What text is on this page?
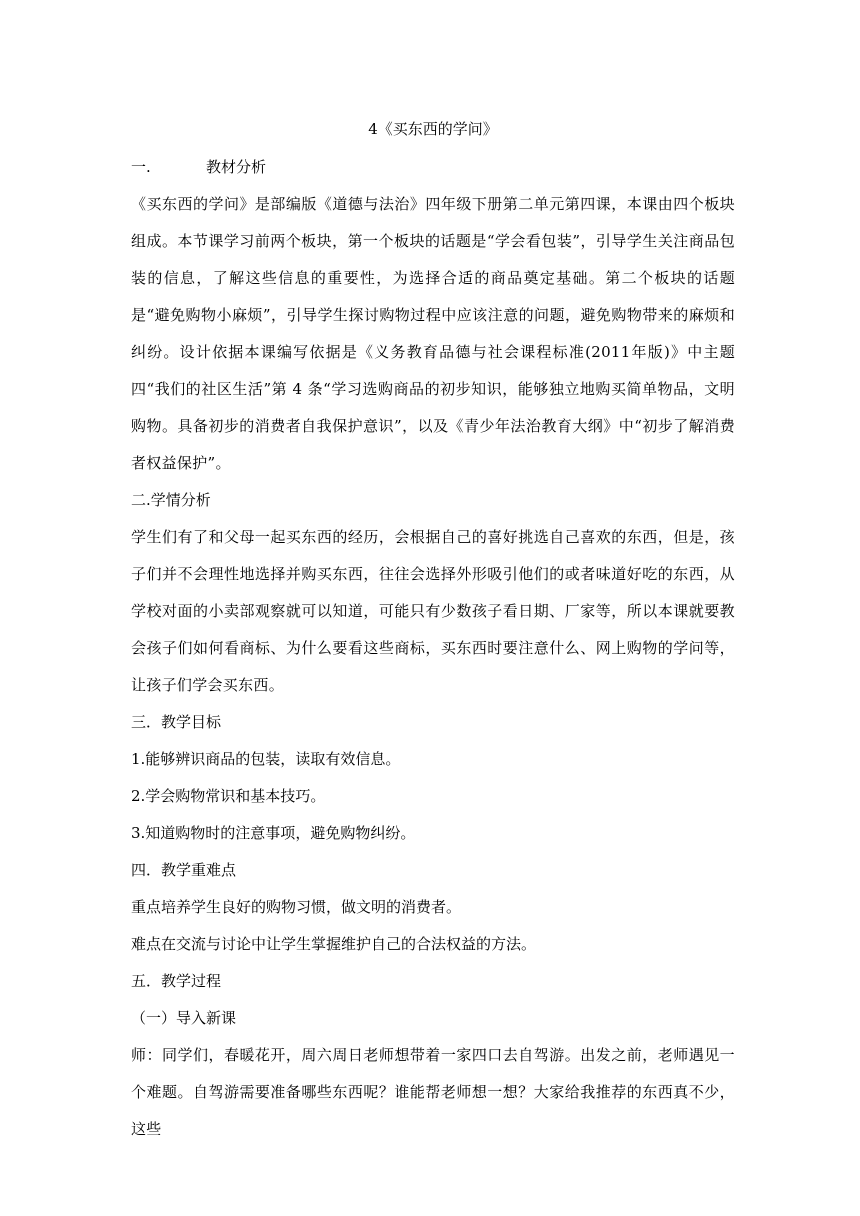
4《买东西的学问》
一.	教材分析
《买东西的学问》是部编版《道德与法治》四年级下册第二单元第四课，本课由四个板块组成。本节课学习前两个板块，第一个板块的话题是“学会看包装”，引导学生关注商品包装的信息，了解这些信息的重要性，为选择合适的商品奠定基础。第二个板块的话题是“避免购物小麻烦”，引导学生探讨购物过程中应该注意的问题，避免购物带来的麻烦和纠纷。设计依据本课编写依据是《义务教育品德与社会课程标准(2011年版)》中主题四“我们的社区生活”第 4 条“学习选购商品的初步知识，能够独立地购买简单物品，文明购物。具备初步的消费者自我保护意识”，以及《青少年法治教育大纲》中“初步了解消费者权益保护”。
二.学情分析
学生们有了和父母一起买东西的经历，会根据自己的喜好挑选自己喜欢的东西，但是，孩子们并不会理性地选择并购买东西，往往会选择外形吸引他们的或者味道好吃的东西，从学校对面的小卖部观察就可以知道，可能只有少数孩子看日期、厂家等，所以本课就要教会孩子们如何看商标、为什么要看这些商标，买东西时要注意什么、网上购物的学问等，让孩子们学会买东西。
三．教学目标
1.能够辨识商品的包装，读取有效信息。
2.学会购物常识和基本技巧。
3.知道购物时的注意事项，避免购物纠纷。
四．教学重难点
重点培养学生良好的购物习惯，做文明的消费者。
难点在交流与讨论中让学生掌握维护自己的合法权益的方法。
五．教学过程
（一）导入新课
师：同学们，春暖花开，周六周日老师想带着一家四口去自驾游。出发之前，老师遇见一个难题。自驾游需要准备哪些东西呢？谁能帮老师想一想？大家给我推荐的东西真不少，这些
